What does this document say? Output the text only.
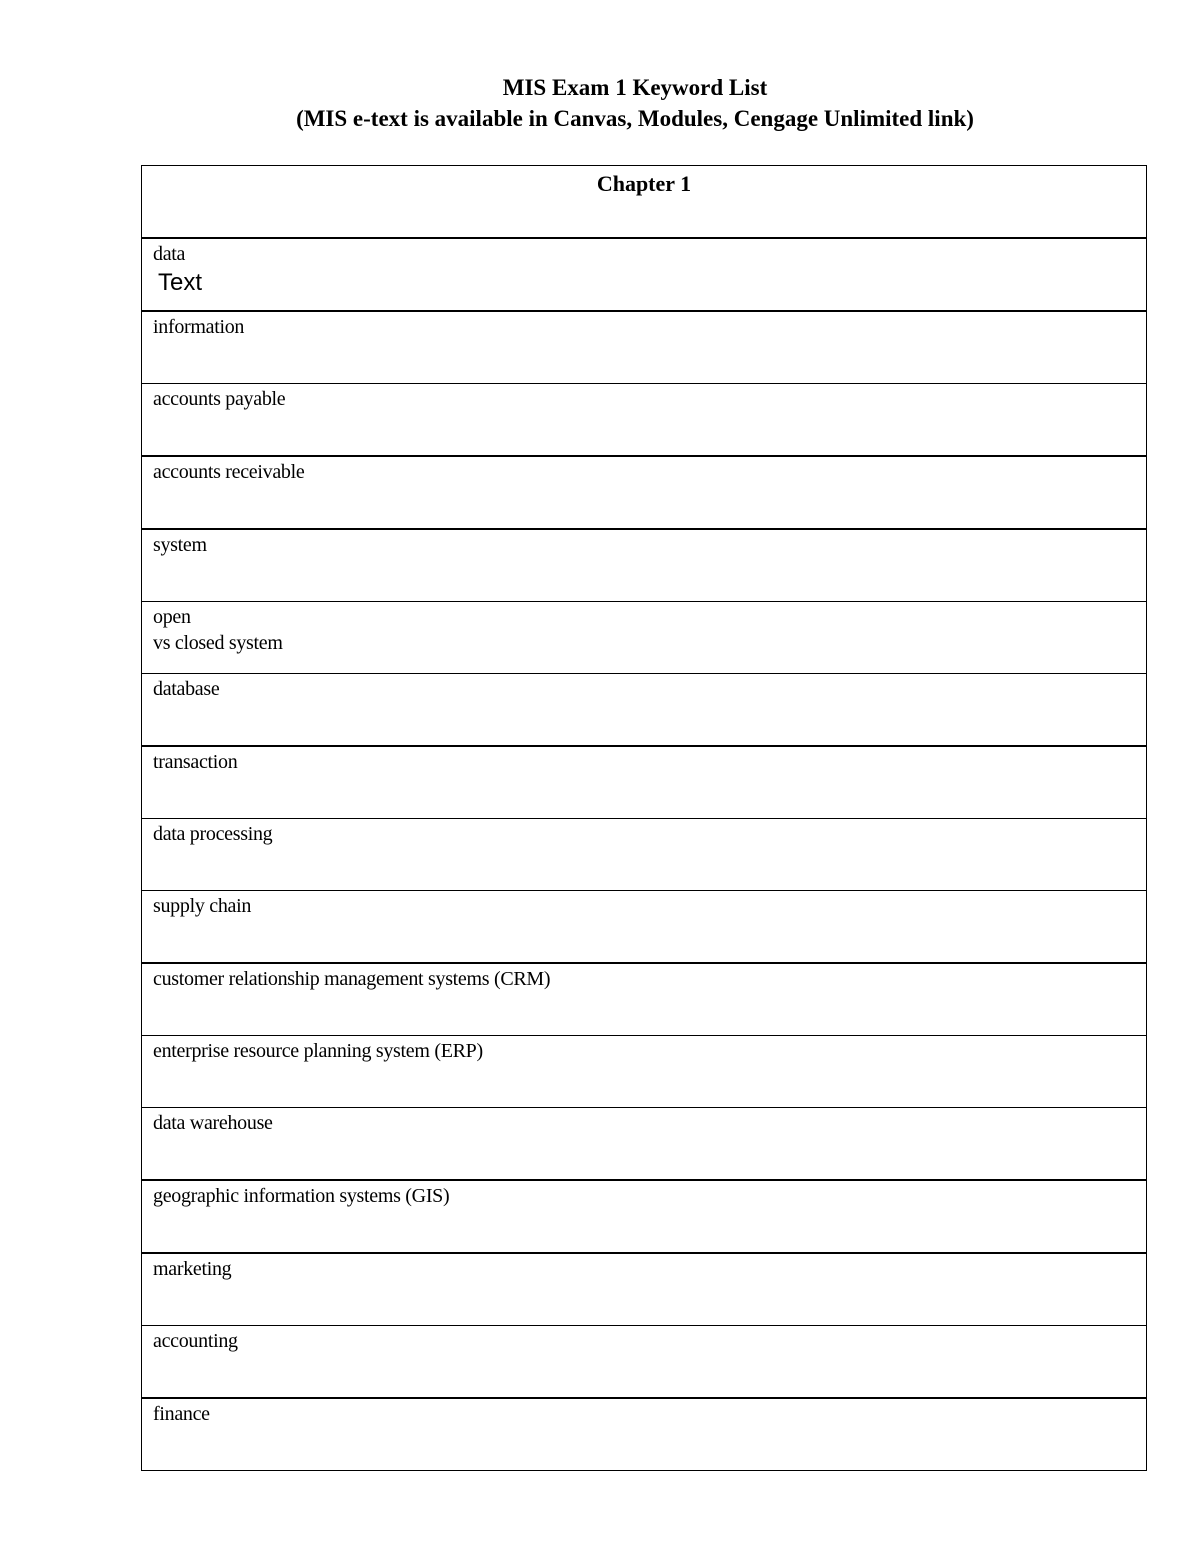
MIS Exam 1 Keyword List
(MIS e-text is available in Canvas, Modules, Cengage Unlimited link)
Chapter 1

data
Text

information

accounts payable

accounts receivable

system

open
vs closed system

database

transaction

data processing

supply chain

customer relationship management systems (CRM)

enterprise resource planning system (ERP)

data warehouse

geographic information systems (GIS)

marketing

accounting

finance
